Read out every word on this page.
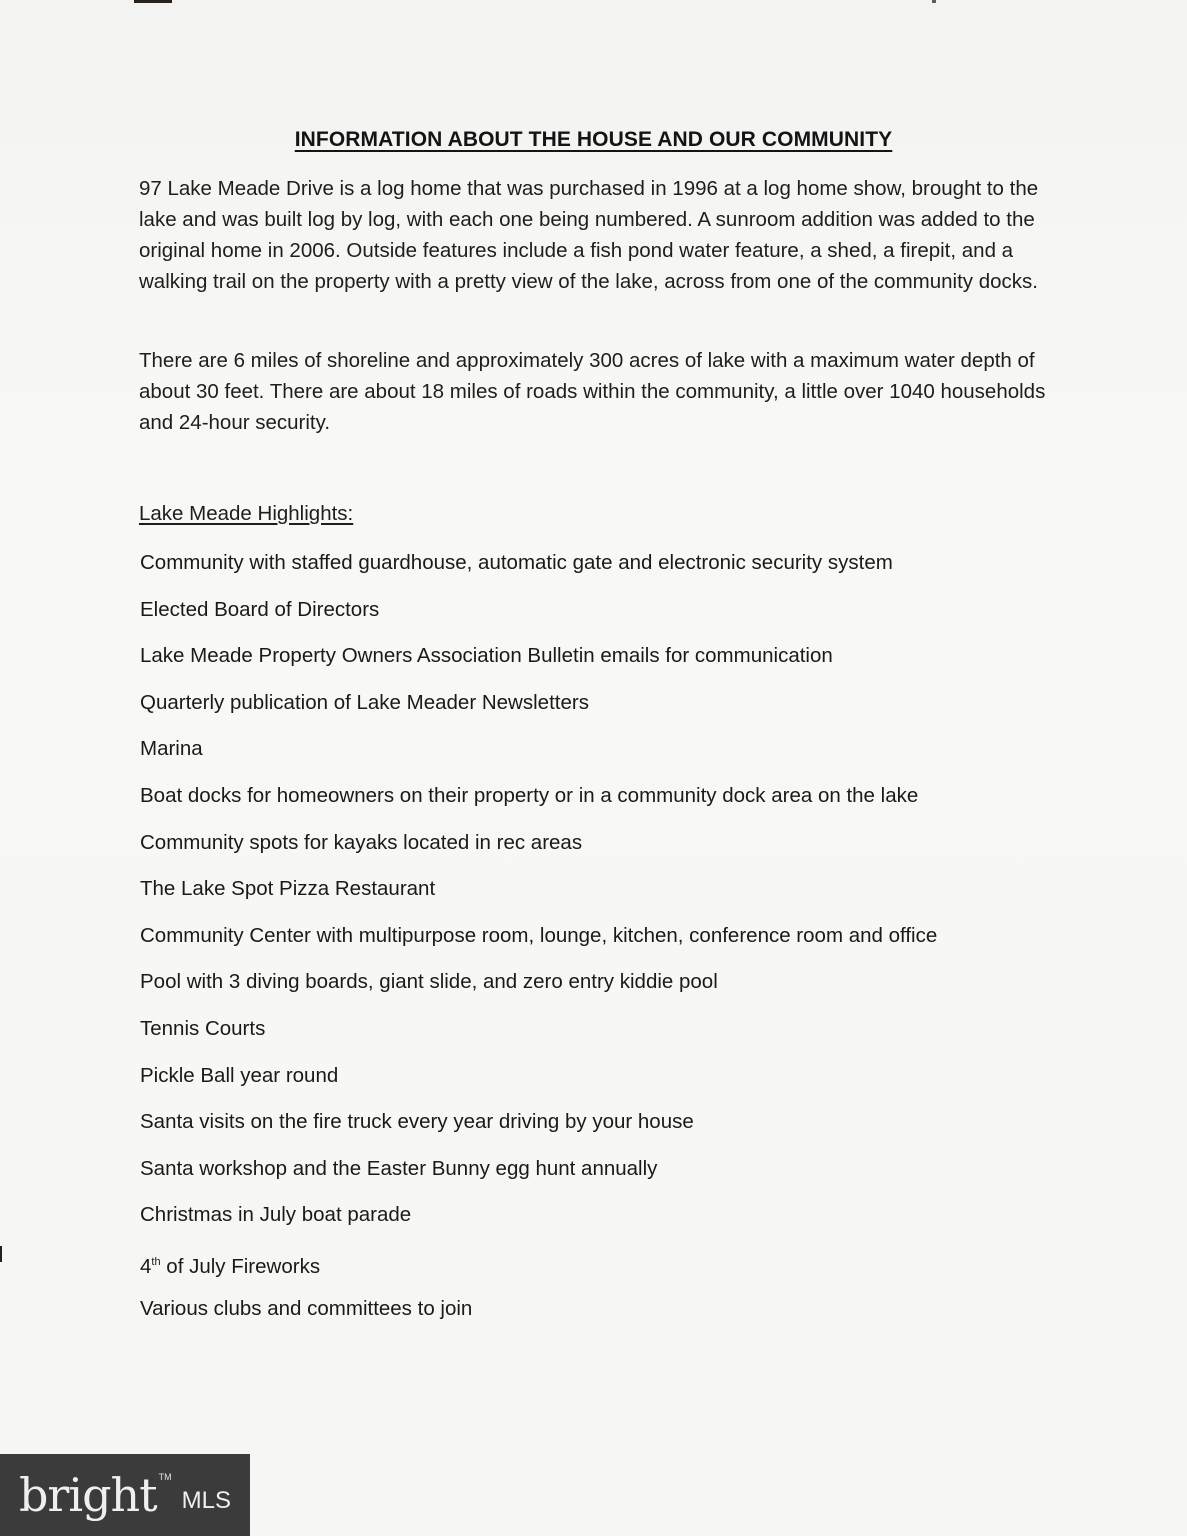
INFORMATION ABOUT THE HOUSE AND OUR COMMUNITY
97 Lake Meade Drive is a log home that was purchased in 1996 at a log home show, brought to the lake and was built log by log, with each one being numbered. A sunroom addition was added to the original home in 2006. Outside features include a fish pond water feature, a shed, a firepit, and a walking trail on the property with a pretty view of the lake, across from one of the community docks.
There are 6 miles of shoreline and approximately 300 acres of lake with a maximum water depth of about 30 feet. There are about 18 miles of roads within the community, a little over 1040 households and 24-hour security.
Lake Meade Highlights:
Community with staffed guardhouse, automatic gate and electronic security system
Elected Board of Directors
Lake Meade Property Owners Association Bulletin emails for communication
Quarterly publication of Lake Meader Newsletters
Marina
Boat docks for homeowners on their property or in a community dock area on the lake
Community spots for kayaks located in rec areas
The Lake Spot Pizza Restaurant
Community Center with multipurpose room, lounge, kitchen, conference room and office
Pool with 3 diving boards, giant slide, and zero entry kiddie pool
Tennis Courts
Pickle Ball year round
Santa visits on the fire truck every year driving by your house
Santa workshop and the Easter Bunny egg hunt annually
Christmas in July boat parade
4th of July Fireworks
Various clubs and committees to join
bright TM
MLS
